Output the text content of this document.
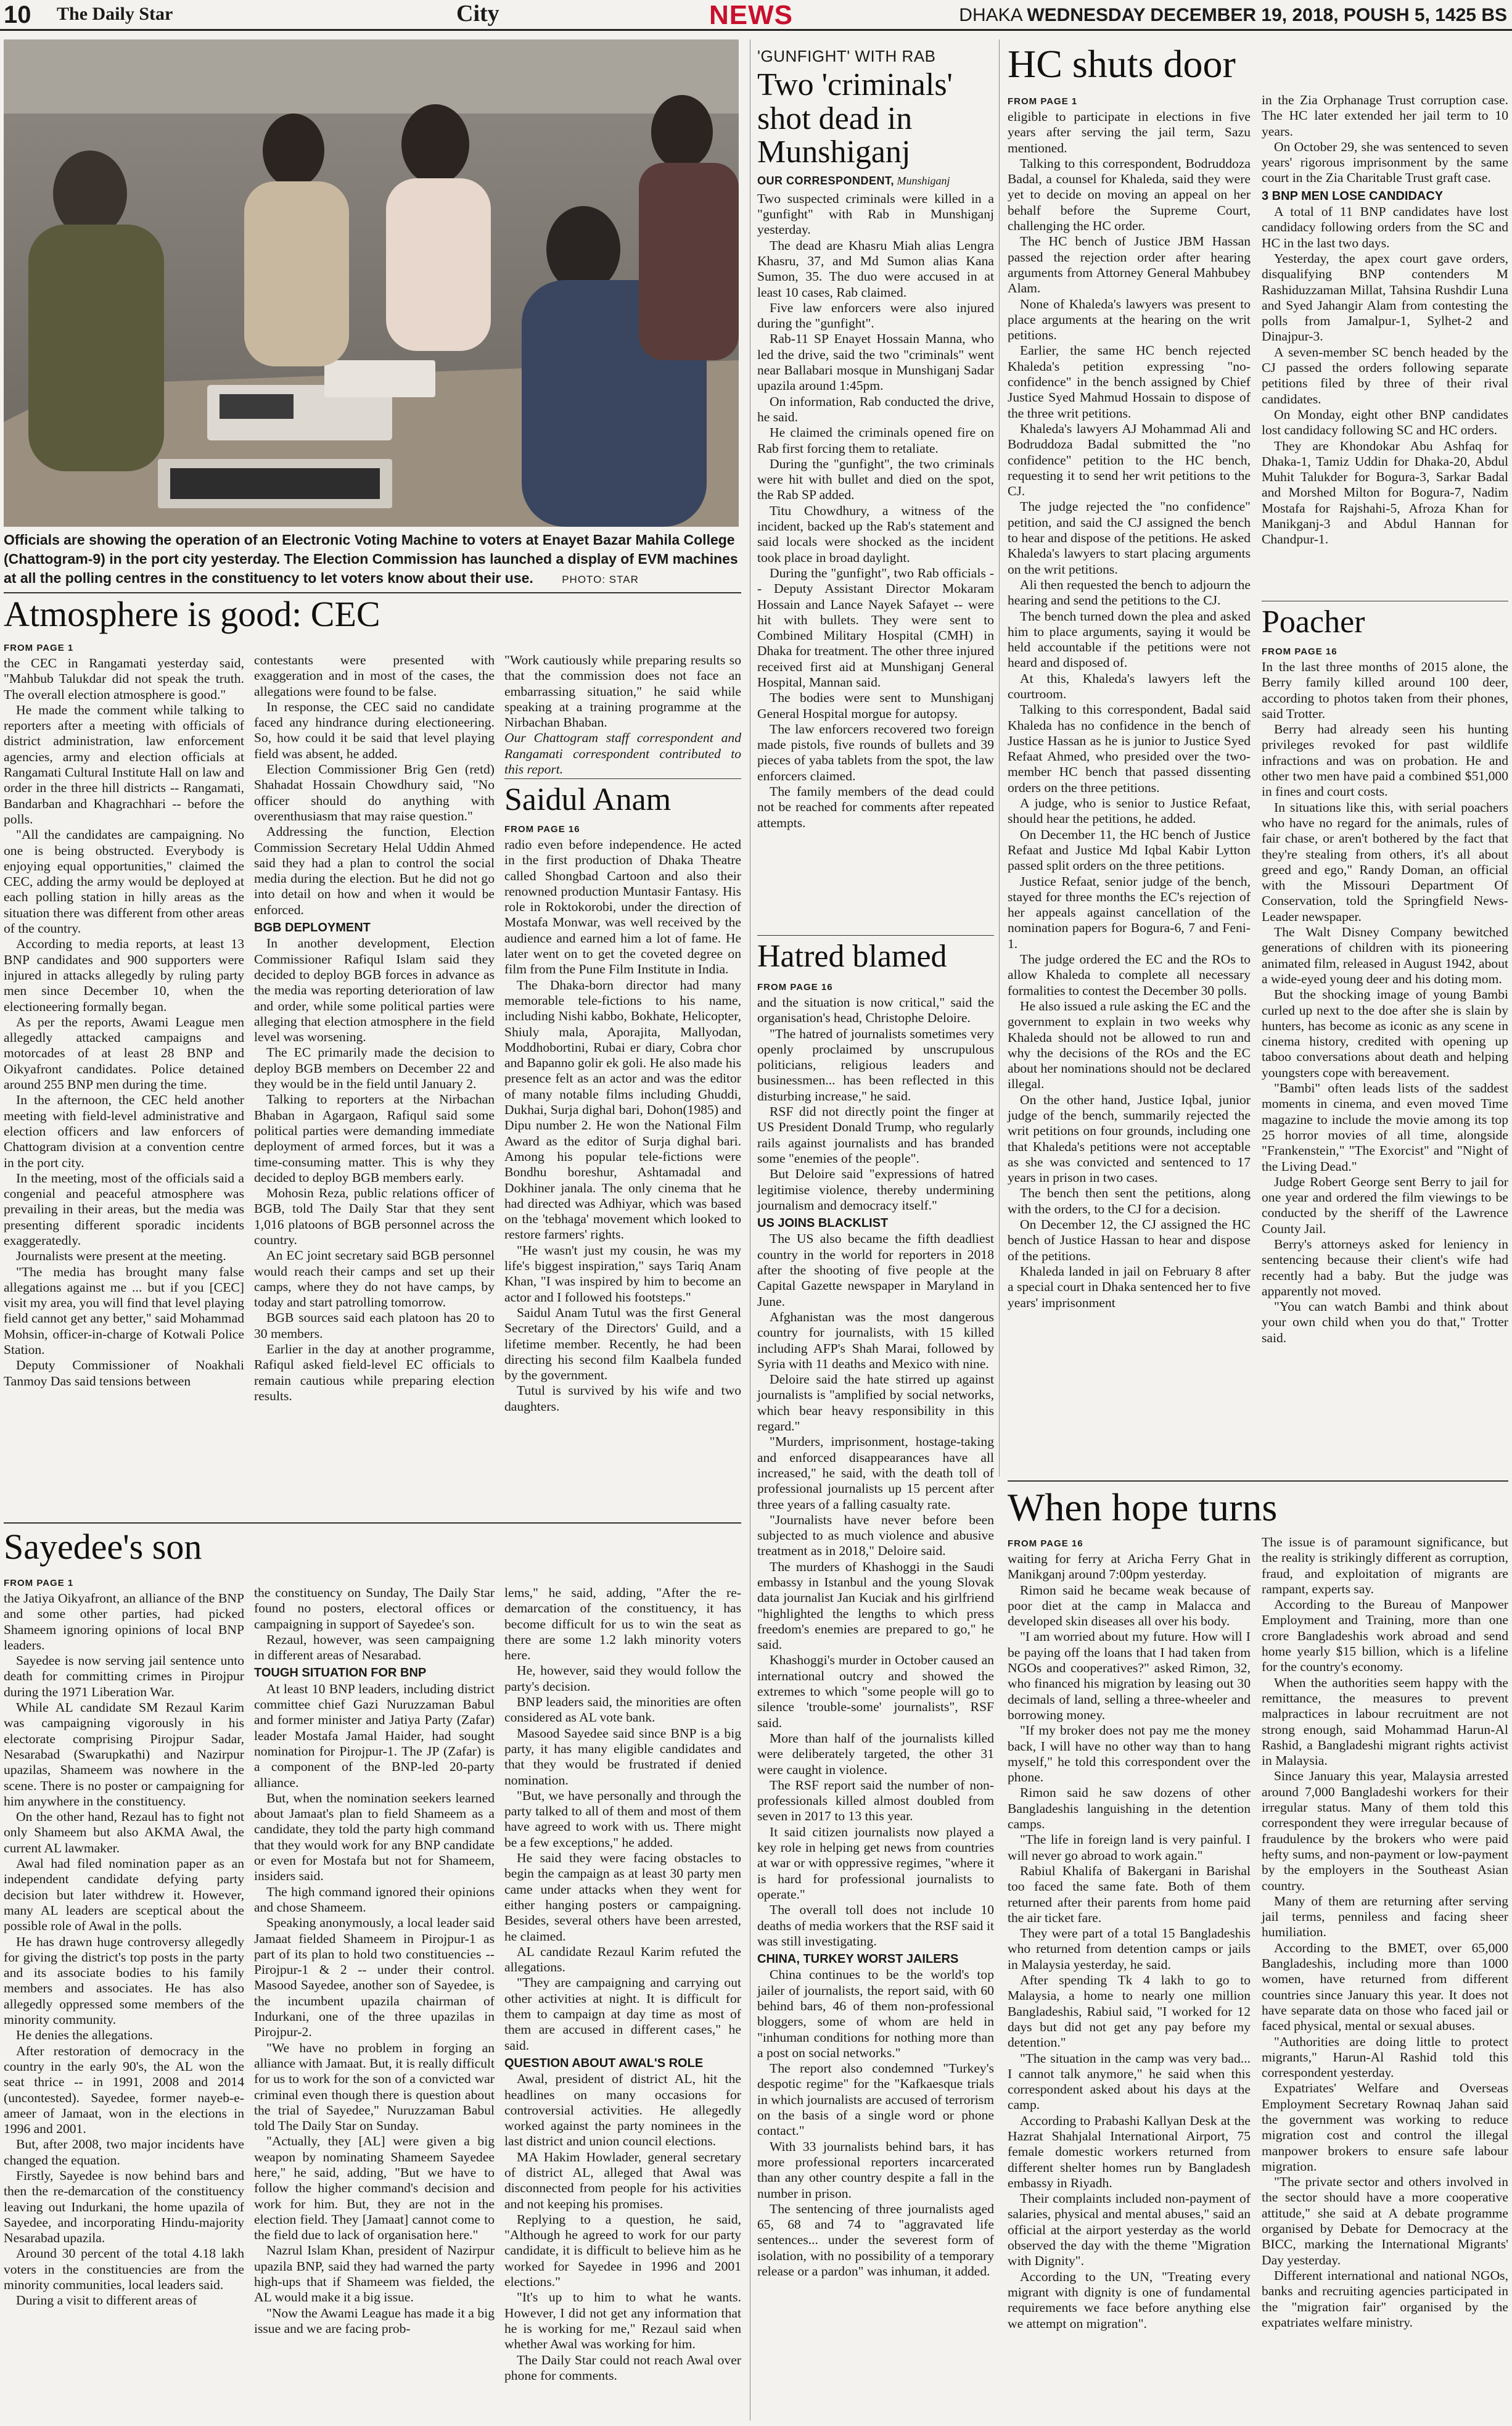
10 The Daily Star	City	NEWS	DHAKA WEDNESDAY DECEMBER 19, 2018, POUSH 5, 1425 BS
Officials are showing the operation of an Electronic Voting Machine to voters at Enayet Bazar Mahila College (Chattogram-9) in the port city yesterday. The Election Commission has launched a display of EVM machines at all the polling centres in the constituency to let voters know about their use.	PHOTO: STAR
Atmosphere is good: CEC
FROM PAGE 1

the CEC in Rangamati yesterday said, "Mahbub Talukdar did not speak the truth. The overall election atmosphere is good."

He made the comment while talking to reporters after a meeting with officials of district administration, law enforcement agencies, army and election officials at Rangamati Cultural Institute Hall on law and order in the three hill districts -- Rangamati, Bandarban and Khagrachhari -- before the polls.

"All the candidates are campaigning. No one is being obstructed. Everybody is enjoying equal opportunities," claimed the CEC, adding the army would be deployed at each polling station in hilly areas as the situation there was different from other areas of the country.

According to media reports, at least 13 BNP candidates and 900 supporters were injured in attacks allegedly by ruling party men since December 10, when the electioneering formally began.

As per the reports, Awami League men allegedly attacked campaigns and motorcades of at least 28 BNP and Oikyafront candidates. Police detained around 255 BNP men during the time.

In the afternoon, the CEC held another meeting with field-level administrative and election officers and law enforcers of Chattogram division at a convention centre in the port city.

In the meeting, most of the officials said a congenial and peaceful atmosphere was prevailing in their areas, but the media was presenting different sporadic incidents exaggeratedly.

Journalists were present at the meeting.

"The media has brought many false allegations against me ... but if you [CEC] visit my area, you will find that level playing field cannot get any better," said Mohammad Mohsin, officer-in-charge of Kotwali Police Station.

Deputy Commissioner of Noakhali Tanmoy Das said tensions between

contestants were presented with exaggeration and in most of the cases, the allegations were found to be false.

In response, the CEC said no candidate faced any hindrance during electioneering. So, how could it be said that level playing field was absent, he added.

Election Commissioner Brig Gen (retd) Shahadat Hossain Chowdhury said, "No officer should do anything with overenthusiasm that may raise question."

Addressing the function, Election Commission Secretary Helal Uddin Ahmed said they had a plan to control the social media during the election. But he did not go into detail on how and when it would be enforced.

BGB DEPLOYMENT

In another development, Election Commissioner Rafiqul Islam said they decided to deploy BGB forces in advance as the media was reporting deterioration of law and order, while some political parties were alleging that election atmosphere in the field level was worsening.

The EC primarily made the decision to deploy BGB members on December 22 and they would be in the field until January 2.

Talking to reporters at the Nirbachan Bhaban in Agargaon, Rafiqul said some political parties were demanding immediate deployment of armed forces, but it was a time-consuming matter. This is why they decided to deploy BGB members early.

Mohosin Reza, public relations officer of BGB, told The Daily Star that they sent 1,016 platoons of BGB personnel across the country.

An EC joint secretary said BGB personnel would reach their camps and set up their camps, where they do not have camps, by today and start patrolling tomorrow.

BGB sources said each platoon has 20 to 30 members.

Earlier in the day at another programme, Rafiqul asked field-level EC officials to remain cautious while preparing election results.

"Work cautiously while preparing results so that the commission does not face an embarrassing situation," he said while speaking at a training programme at the Nirbachan Bhaban.

Our Chattogram staff correspondent and Rangamati correspondent contributed to this report.

Saidul Anam
FROM PAGE 16

radio even before independence. He acted in the first production of Dhaka Theatre called Shongbad Cartoon and also their renowned production Muntasir Fantasy. His role in Roktokorobi, under the direction of Mostafa Monwar, was well received by the audience and earned him a lot of fame. He later went on to get the coveted degree on film from the Pune Film Institute in India.

The Dhaka-born director had many memorable tele-fictions to his name, including Nishi kabbo, Bokhate, Helicopter, Shiuly mala, Aporajita, Mallyodan, Moddhobortini, Rubai er diary, Cobra chor and Bapanno golir ek goli. He also made his presence felt as an actor and was the editor of many notable films including Ghuddi, Dukhai, Surja dighal bari, Dohon(1985) and Dipu number 2. He won the National Film Award as the editor of Surja dighal bari. Among his popular tele-fictions were Bondhu boreshur, Ashtamadal and Dokhiner janala. The only cinema that he had directed was Adhiyar, which was based on the 'tebhaga' movement which looked to restore farmers' rights.

"He wasn't just my cousin, he was my life's biggest inspiration," says Tariq Anam Khan, "I was inspired by him to become an actor and I followed his footsteps."

Saidul Anam Tutul was the first General Secretary of the Directors' Guild, and a lifetime member. Recently, he had been directing his second film Kaalbela funded by the government.

Tutul is survived by his wife and two daughters.

Sayedee's son
FROM PAGE 1

the Jatiya Oikyafront, an alliance of the BNP and some other parties, had picked Shameem ignoring opinions of local BNP leaders.

Sayedee is now serving jail sentence unto death for committing crimes in Pirojpur during the 1971 Liberation War.

While AL candidate SM Rezaul Karim was campaigning vigorously in his electorate comprising Pirojpur Sadar, Nesarabad (Swarupkathi) and Nazirpur upazilas, Shameem was nowhere in the scene. There is no poster or campaigning for him anywhere in the constituency.

On the other hand, Rezaul has to fight not only Shameem but also AKMA Awal, the current AL lawmaker.

Awal had filed nomination paper as an independent candidate defying party decision but later withdrew it. However, many AL leaders are sceptical about the possible role of Awal in the polls.

He has drawn huge controversy allegedly for giving the district's top posts in the party and its associate bodies to his family members and associates. He has also allegedly oppressed some members of the minority community.

He denies the allegations.

After restoration of democracy in the country in the early 90's, the AL won the seat thrice -- in 1991, 2008 and 2014 (uncontested). Sayedee, former nayeb-e-ameer of Jamaat, won in the elections in 1996 and 2001.

But, after 2008, two major incidents have changed the equation.

Firstly, Sayedee is now behind bars and then the re-demarcation of the constituency leaving out Indurkani, the home upazila of Sayedee, and incorporating Hindu-majority Nesarabad upazila.

Around 30 percent of the total 4.18 lakh voters in the constituencies are from the minority communities, local leaders said.

During a visit to different areas of

the constituency on Sunday, The Daily Star found no posters, electoral offices or campaigning in support of Sayedee's son.

Rezaul, however, was seen campaigning in different areas of Nesarabad.

TOUGH SITUATION FOR BNP

At least 10 BNP leaders, including district committee chief Gazi Nuruzzaman Babul and former minister and Jatiya Party (Zafar) leader Mostafa Jamal Haider, had sought nomination for Pirojpur-1. The JP (Zafar) is a component of the BNP-led 20-party alliance.

But, when the nomination seekers learned about Jamaat's plan to field Shameem as a candidate, they told the party high command that they would work for any BNP candidate or even for Mostafa but not for Shameem, insiders said.

The high command ignored their opinions and chose Shameem.

Speaking anonymously, a local leader said Jamaat fielded Shameem in Pirojpur-1 as part of its plan to hold two constituencies -- Pirojpur-1 & 2 -- under their control. Masood Sayedee, another son of Sayedee, is the incumbent upazila chairman of Indurkani, one of the three upazilas in Pirojpur-2.

"We have no problem in forging an alliance with Jamaat. But, it is really difficult for us to work for the son of a convicted war criminal even though there is question about the trial of Sayedee," Nuruzzaman Babul told The Daily Star on Sunday.

"Actually, they [AL] were given a big weapon by nominating Shameem Sayedee here," he said, adding, "But we have to follow the higher command's decision and work for him. But, they are not in the election field. They [Jamaat] cannot come to the field due to lack of organisation here."

Nazrul Islam Khan, president of Nazirpur upazila BNP, said they had warned the party high-ups that if Shameem was fielded, the AL would make it a big issue.

"Now the Awami League has made it a big issue and we are facing prob-

lems," he said, adding, "After the re-demarcation of the constituency, it has become difficult for us to win the seat as there are some 1.2 lakh minority voters here.

He, however, said they would follow the party's decision.

BNP leaders said, the minorities are often considered as AL vote bank.

Masood Sayedee said since BNP is a big party, it has many eligible candidates and that they would be frustrated if denied nomination.

"But, we have personally and through the party talked to all of them and most of them have agreed to work with us. There might be a few exceptions," he added.

He said they were facing obstacles to begin the campaign as at least 30 party men came under attacks when they went for either hanging posters or campaigning. Besides, several others have been arrested, he claimed.

AL candidate Rezaul Karim refuted the allegations.

"They are campaigning and carrying out other activities at night. It is difficult for them to campaign at day time as most of them are accused in different cases," he said.

QUESTION ABOUT AWAL'S ROLE

Awal, president of district AL, hit the headlines on many occasions for controversial activities. He allegedly worked against the party nominees in the last district and union council elections.

MA Hakim Howlader, general secretary of district AL, alleged that Awal was disconnected from people for his activities and not keeping his promises.

Replying to a question, he said, "Although he agreed to work for our party candidate, it is difficult to believe him as he worked for Sayedee in 1996 and 2001 elections."

"It's up to him to what he wants. However, I did not get any information that he is working for me," Rezaul said when whether Awal was working for him.

The Daily Star could not reach Awal over phone for comments.

'GUNFIGHT' WITH RAB
Two 'criminals' shot dead in Munshiganj
OUR CORRESPONDENT, Munshiganj

Two suspected criminals were killed in a "gunfight" with Rab in Munshiganj yesterday.

The dead are Khasru Miah alias Lengra Khasru, 37, and Md Sumon alias Kana Sumon, 35. The duo were accused in at least 10 cases, Rab claimed.

Five law enforcers were also injured during the "gunfight".

Rab-11 SP Enayet Hossain Manna, who led the drive, said the two "criminals" went near Ballabari mosque in Munshiganj Sadar upazila around 1:45pm.

On information, Rab conducted the drive, he said.

He claimed the criminals opened fire on Rab first forcing them to retaliate.

During the "gunfight", the two criminals were hit with bullet and died on the spot, the Rab SP added.

Titu Chowdhury, a witness of the incident, backed up the Rab's statement and said locals were shocked as the incident took place in broad daylight.

During the "gunfight", two Rab officials -- Deputy Assistant Director Mokaram Hossain and Lance Nayek Safayet -- were hit with bullets. They were sent to Combined Military Hospital (CMH) in Dhaka for treatment. The other three injured received first aid at Munshiganj General Hospital, Mannan said.

The bodies were sent to Munshiganj General Hospital morgue for autopsy.

The law enforcers recovered two foreign made pistols, five rounds of bullets and 39 pieces of yaba tablets from the spot, the law enforcers claimed.

The family members of the dead could not be reached for comments after repeated attempts.

Hatred blamed
FROM PAGE 16

and the situation is now critical," said the organisation's head, Christophe Deloire.

"The hatred of journalists sometimes very openly proclaimed by unscrupulous politicians, religious leaders and businessmen... has been reflected in this disturbing increase," he said.

RSF did not directly point the finger at US President Donald Trump, who regularly rails against journalists and has branded some "enemies of the people".

But Deloire said "expressions of hatred legitimise violence, thereby undermining journalism and democracy itself."

US JOINS BLACKLIST

The US also became the fifth deadliest country in the world for reporters in 2018 after the shooting of five people at the Capital Gazette newspaper in Maryland in June.

Afghanistan was the most dangerous country for journalists, with 15 killed including AFP's Shah Marai, followed by Syria with 11 deaths and Mexico with nine.

Deloire said the hate stirred up against journalists is "amplified by social networks, which bear heavy responsibility in this regard."

"Murders, imprisonment, hostage-taking and enforced disappearances have all increased," he said, with the death toll of professional journalists up 15 percent after three years of a falling casualty rate.

"Journalists have never before been subjected to as much violence and abusive treatment as in 2018," Deloire said.

The murders of Khashoggi in the Saudi embassy in Istanbul and the young Slovak data journalist Jan Kuciak and his girlfriend "highlighted the lengths to which press freedom's enemies are prepared to go," he said.

Khashoggi's murder in October caused an international outcry and showed the extremes to which "some people will go to silence 'trouble-some' journalists", RSF said.

More than half of the journalists killed were deliberately targeted, the other 31 were caught in violence.

The RSF report said the number of non-professionals killed almost doubled from seven in 2017 to 13 this year.

It said citizen journalists now played a key role in helping get news from countries at war or with oppressive regimes, "where it is hard for professional journalists to operate."

The overall toll does not include 10 deaths of media workers that the RSF said it was still investigating.

CHINA, TURKEY WORST JAILERS

China continues to be the world's top jailer of journalists, the report said, with 60 behind bars, 46 of them non-professional bloggers, some of whom are held in "inhuman conditions for nothing more than a post on social networks."

The report also condemned "Turkey's despotic regime" for the "Kafkaesque trials in which journalists are accused of terrorism on the basis of a single word or phone contact."

With 33 journalists behind bars, it has more professional reporters incarcerated than any other country despite a fall in the number in prison.

The sentencing of three journalists aged 65, 68 and 74 to "aggravated life sentences... under the severest form of isolation, with no possibility of a temporary release or a pardon" was inhuman, it added.

HC shuts door
FROM PAGE 1

eligible to participate in elections in five years after serving the jail term, Sazu mentioned.

Talking to this correspondent, Bodruddoza Badal, a counsel for Khaleda, said they were yet to decide on moving an appeal on her behalf before the Supreme Court, challenging the HC order.

The HC bench of Justice JBM Hassan passed the rejection order after hearing arguments from Attorney General Mahbubey Alam.

None of Khaleda's lawyers was present to place arguments at the hearing on the writ petitions.

Earlier, the same HC bench rejected Khaleda's petition expressing "no-confidence" in the bench assigned by Chief Justice Syed Mahmud Hossain to dispose of the three writ petitions.

Khaleda's lawyers AJ Mohammad Ali and Bodruddoza Badal submitted the "no confidence" petition to the HC bench, requesting it to send her writ petitions to the CJ.

The judge rejected the "no confidence" petition, and said the CJ assigned the bench to hear and dispose of the petitions. He asked Khaleda's lawyers to start placing arguments on the writ petitions.

Ali then requested the bench to adjourn the hearing and send the petitions to the CJ.

The bench turned down the plea and asked him to place arguments, saying it would be held accountable if the petitions were not heard and disposed of.

At this, Khaleda's lawyers left the courtroom.

Talking to this correspondent, Badal said Khaleda has no confidence in the bench of Justice Hassan as he is junior to Justice Syed Refaat Ahmed, who presided over the two-member HC bench that passed dissenting orders on the three petitions.

A judge, who is senior to Justice Refaat, should hear the petitions, he added.

On December 11, the HC bench of Justice Refaat and Justice Md Iqbal Kabir Lytton passed split orders on the three petitions.

Justice Refaat, senior judge of the bench, stayed for three months the EC's rejection of her appeals against cancellation of the nomination papers for Bogura-6, 7 and Feni-1.

The judge ordered the EC and the ROs to allow Khaleda to complete all necessary formalities to contest the December 30 polls.

He also issued a rule asking the EC and the government to explain in two weeks why Khaleda should not be allowed to run and why the decisions of the ROs and the EC about her nominations should not be declared illegal.

On the other hand, Justice Iqbal, junior judge of the bench, summarily rejected the writ petitions on four grounds, including one that Khaleda's petitions were not acceptable as she was convicted and sentenced to 17 years in prison in two cases.

The bench then sent the petitions, along with the orders, to the CJ for a decision.

On December 12, the CJ assigned the HC bench of Justice Hassan to hear and dispose of the petitions.

Khaleda landed in jail on February 8 after a special court in Dhaka sentenced her to five years' imprisonment

in the Zia Orphanage Trust corruption case. The HC later extended her jail term to 10 years.

On October 29, she was sentenced to seven years' rigorous imprisonment by the same court in the Zia Charitable Trust graft case.

3 BNP MEN LOSE CANDIDACY

A total of 11 BNP candidates have lost candidacy following orders from the SC and HC in the last two days.

Yesterday, the apex court gave orders, disqualifying BNP contenders M Rashiduzzaman Millat, Tahsina Rushdir Luna and Syed Jahangir Alam from contesting the polls from Jamalpur-1, Sylhet-2 and Dinajpur-3.

A seven-member SC bench headed by the CJ passed the orders following separate petitions filed by three of their rival candidates.

On Monday, eight other BNP candidates lost candidacy following SC and HC orders.

They are Khondokar Abu Ashfaq for Dhaka-1, Tamiz Uddin for Dhaka-20, Abdul Muhit Talukder for Bogura-3, Sarkar Badal and Morshed Milton for Bogura-7, Nadim Mostafa for Rajshahi-5, Afroza Khan for Manikganj-3 and Abdul Hannan for Chandpur-1.

Poacher
FROM PAGE 16

In the last three months of 2015 alone, the Berry family killed around 100 deer, according to photos taken from their phones, said Trotter.

Berry had already seen his hunting privileges revoked for past wildlife infractions and was on probation. He and other two men have paid a combined $51,000 in fines and court costs.

In situations like this, with serial poachers who have no regard for the animals, rules of fair chase, or aren't bothered by the fact that they're stealing from others, it's all about greed and ego," Randy Doman, an official with the Missouri Department Of Conservation, told the Springfield News-Leader newspaper.

The Walt Disney Company bewitched generations of children with its pioneering animated film, released in August 1942, about a wide-eyed young deer and his doting mom.

But the shocking image of young Bambi curled up next to the doe after she is slain by hunters, has become as iconic as any scene in cinema history, credited with opening up taboo conversations about death and helping youngsters cope with bereavement.

"Bambi" often leads lists of the saddest moments in cinema, and even moved Time magazine to include the movie among its top 25 horror movies of all time, alongside "Frankenstein," "The Exorcist" and "Night of the Living Dead."

Judge Robert George sent Berry to jail for one year and ordered the film viewings to be conducted by the sheriff of the Lawrence County Jail.

Berry's attorneys asked for leniency in sentencing because their client's wife had recently had a baby. But the judge was apparently not moved.

"You can watch Bambi and think about your own child when you do that," Trotter said.

When hope turns
FROM PAGE 16

waiting for ferry at Aricha Ferry Ghat in Manikganj around 7:00pm yesterday.

Rimon said he became weak because of poor diet at the camp in Malacca and developed skin diseases all over his body.

"I am worried about my future. How will I be paying off the loans that I had taken from NGOs and cooperatives?" asked Rimon, 32, who financed his migration by leasing out 30 decimals of land, selling a three-wheeler and borrowing money.

"If my broker does not pay me the money back, I will have no other way than to hang myself," he told this correspondent over the phone.

Rimon said he saw dozens of other Bangladeshis languishing in the detention camps.

"The life in foreign land is very painful. I will never go abroad to work again."

Rabiul Khalifa of Bakergani in Barishal too faced the same fate. Both of them returned after their parents from home paid the air ticket fare.

They were part of a total 15 Bangladeshis who returned from detention camps or jails in Malaysia yesterday, he said.

After spending Tk 4 lakh to go to Malaysia, a home to nearly one million Bangladeshis, Rabiul said, "I worked for 12 days but did not get any pay before my detention."

"The situation in the camp was very bad... I cannot talk anymore," he said when this correspondent asked about his days at the camp.

According to Prabashi Kallyan Desk at the Hazrat Shahjalal International Airport, 75 female domestic workers returned from different shelter homes run by Bangladesh embassy in Riyadh.

Their complaints included non-payment of salaries, physical and mental abuses," said an official at the airport yesterday as the world observed the day with the theme "Migration with Dignity".

According to the UN, "Treating every migrant with dignity is one of fundamental requirements we face before anything else we attempt on migration".

The issue is of paramount significance, but the reality is strikingly different as corruption, fraud, and exploitation of migrants are rampant, experts say.

According to the Bureau of Manpower Employment and Training, more than one crore Bangladeshis work abroad and send home yearly $15 billion, which is a lifeline for the country's economy.

When the authorities seem happy with the remittance, the measures to prevent malpractices in labour recruitment are not strong enough, said Mohammad Harun-Al Rashid, a Bangladeshi migrant rights activist in Malaysia.

Since January this year, Malaysia arrested around 7,000 Bangladeshi workers for their irregular status. Many of them told this correspondent they were irregular because of fraudulence by the brokers who were paid hefty sums, and non-payment or low-payment by the employers in the Southeast Asian country.

Many of them are returning after serving jail terms, penniless and facing sheer humiliation.

According to the BMET, over 65,000 Bangladeshis, including more than 1000 women, have returned from different countries since January this year. It does not have separate data on those who faced jail or faced physical, mental or sexual abuses.

"Authorities are doing little to protect migrants," Harun-Al Rashid told this correspondent yesterday.

Expatriates' Welfare and Overseas Employment Secretary Rownaq Jahan said the government was working to reduce migration cost and control the illegal manpower brokers to ensure safe labour migration.

"The private sector and others involved in the sector should have a more cooperative attitude," she said at A debate programme organised by Debate for Democracy at the BICC, marking the International Migrants' Day yesterday.

Different international and national NGOs, banks and recruiting agencies participated in the "migration fair" organised by the expatriates welfare ministry.
